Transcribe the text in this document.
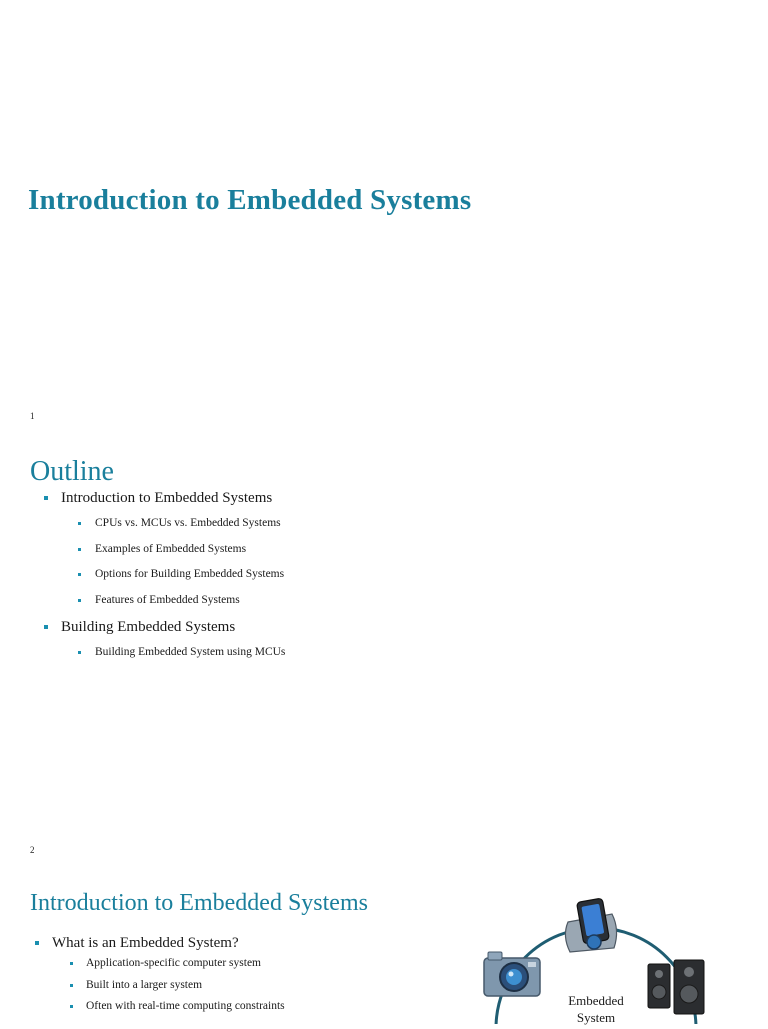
Introduction to Embedded Systems
1
Outline
Introduction to Embedded Systems
CPUs vs. MCUs vs. Embedded Systems
Examples of Embedded Systems
Options for Building Embedded Systems
Features of Embedded Systems
Building Embedded Systems
Building Embedded System using MCUs
2
Introduction to Embedded Systems
What is an Embedded System?
Application-specific computer system
Built into a larger system
Often with real-time computing constraints	Embedded
System
